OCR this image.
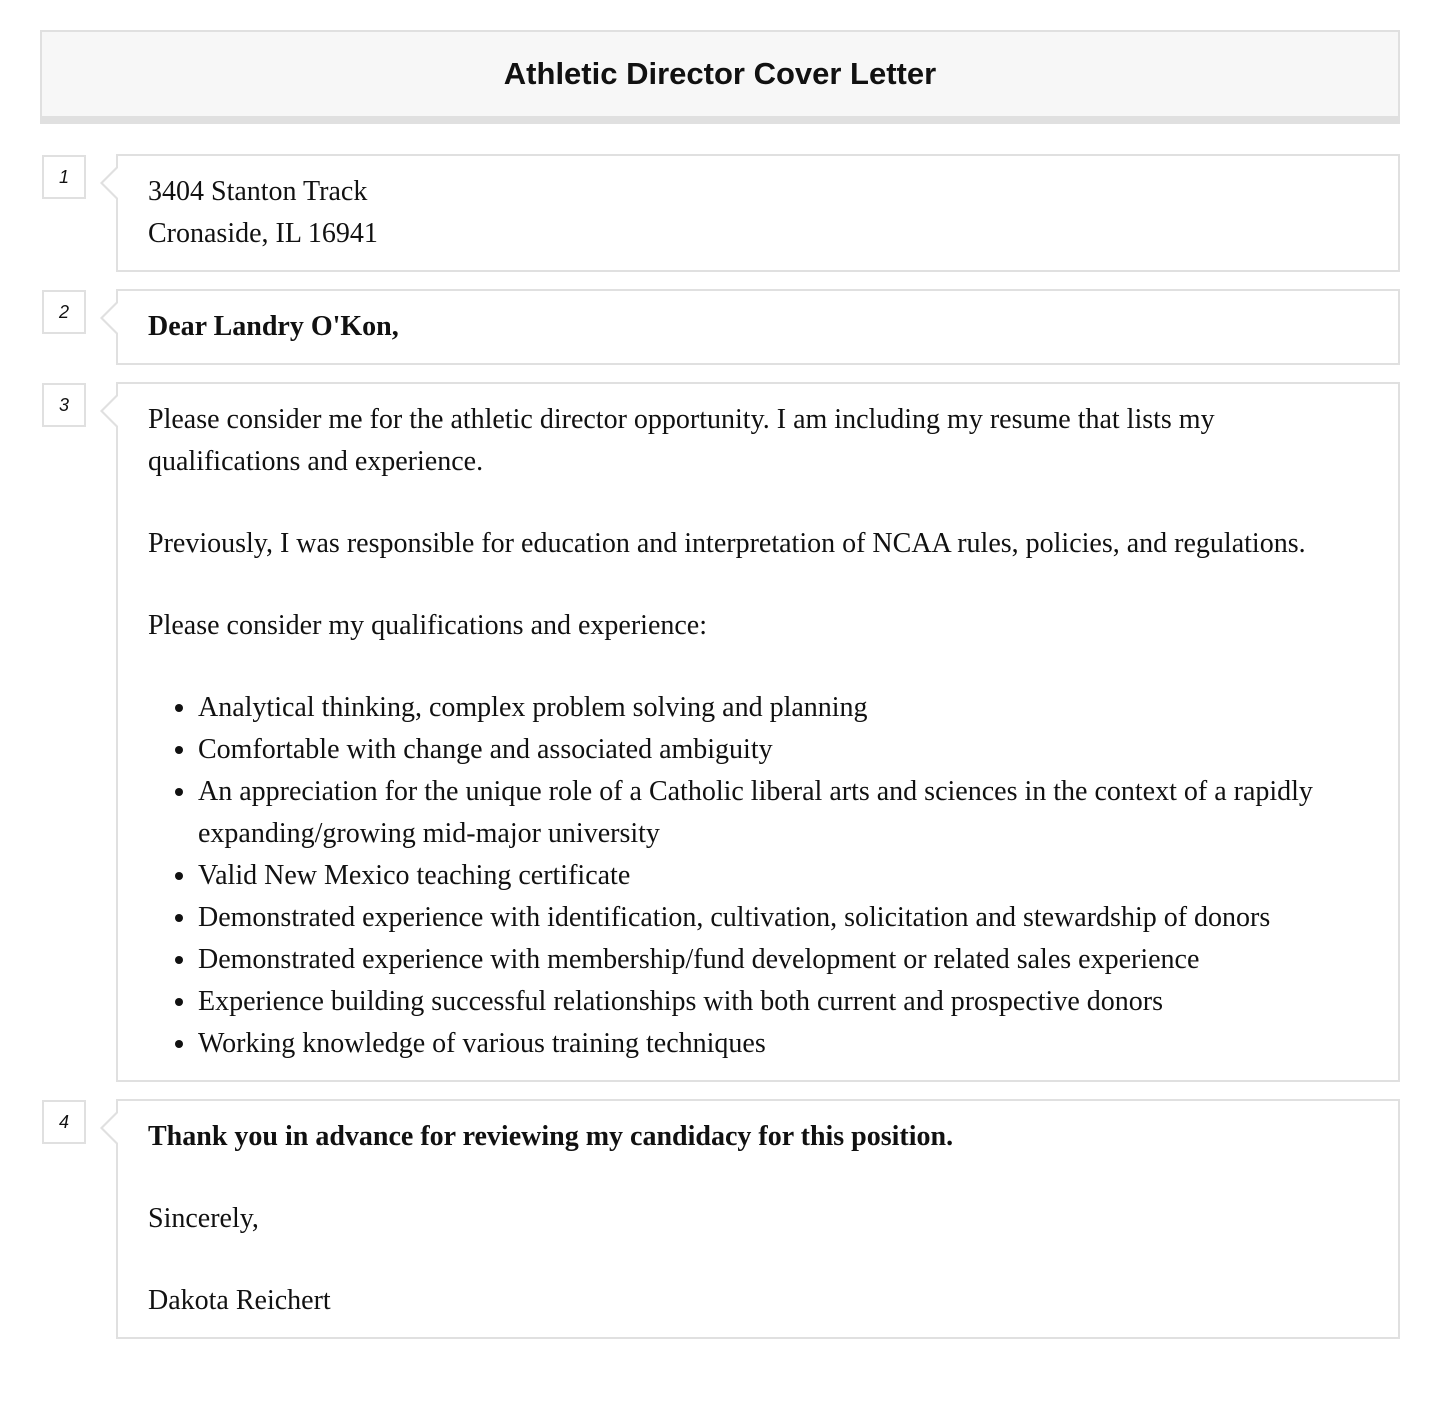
Athletic Director Cover Letter
1	3404 Stanton Track

Cronaside, IL 16941

2	Dear Landry O'Kon,

3	Please consider me for the athletic director opportunity. I am including my resume that lists my qualifications and experience.

Previously, I was responsible for education and interpretation of NCAA rules, policies, and regulations.

Please consider my qualifications and experience:

• Analytical thinking, complex problem solving and planning
• Comfortable with change and associated ambiguity
• An appreciation for the unique role of a Catholic liberal arts and sciences in the context of a rapidly expanding/growing mid-major university
• Valid New Mexico teaching certificate
• Demonstrated experience with identification, cultivation, solicitation and stewardship of donors
• Demonstrated experience with membership/fund development or related sales experience
• Experience building successful relationships with both current and prospective donors
• Working knowledge of various training techniques
4	Thank you in advance for reviewing my candidacy for this position.

Sincerely,

Dakota Reichert
